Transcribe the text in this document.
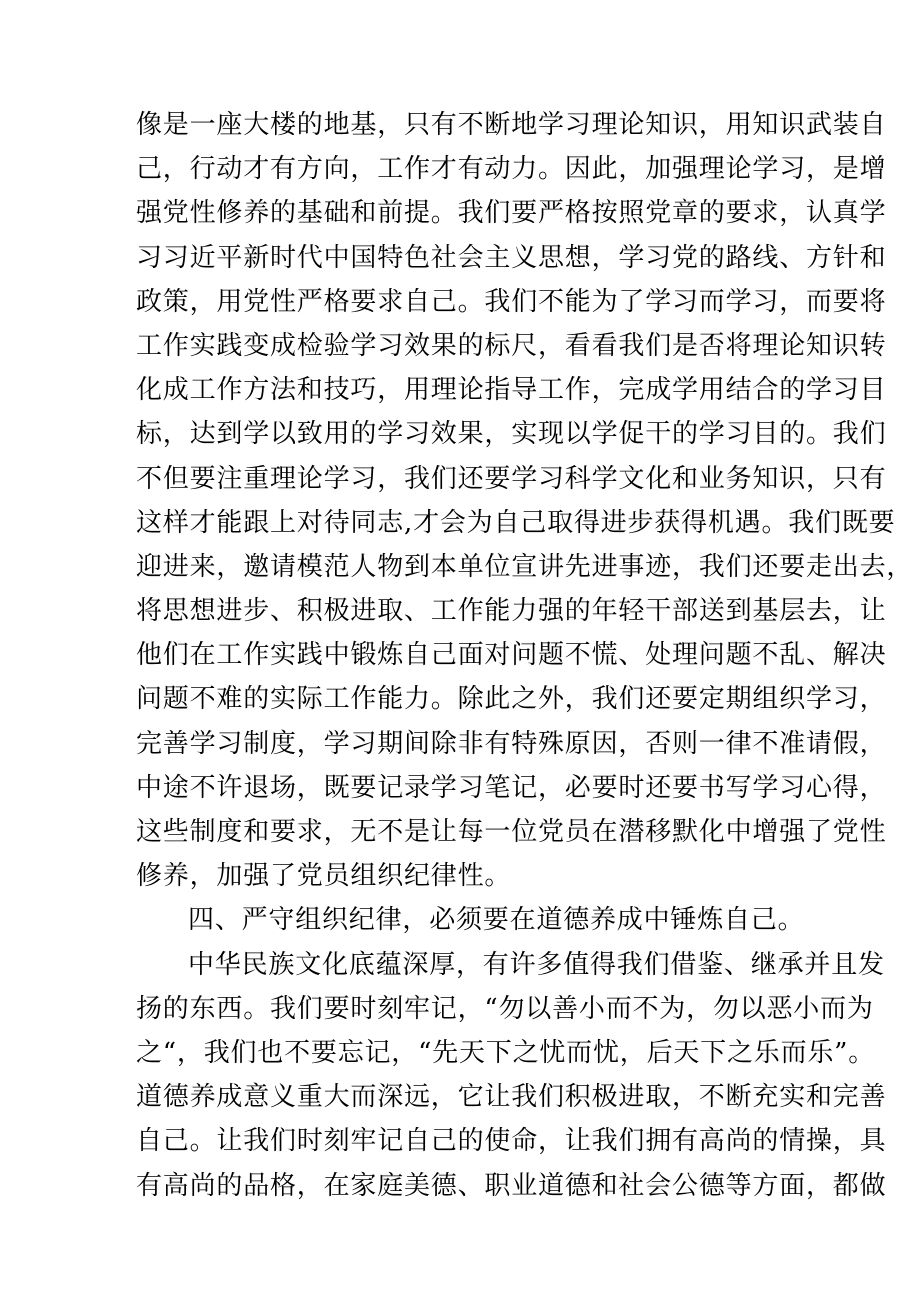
像是一座大楼的地基，只有不断地学习理论知识，用知识武装自
己，行动才有方向，工作才有动力。因此，加强理论学习，是增
强党性修养的基础和前提。我们要严格按照党章的要求，认真学
习习近平新时代中国特色社会主义思想，学习党的路线、方针和
政策，用党性严格要求自己。我们不能为了学习而学习，而要将
工作实践变成检验学习效果的标尺，看看我们是否将理论知识转
化成工作方法和技巧，用理论指导工作，完成学用结合的学习目
标，达到学以致用的学习效果，实现以学促干的学习目的。我们
不但要注重理论学习，我们还要学习科学文化和业务知识，只有
这样才能跟上对待同志,才会为自己取得进步获得机遇。我们既要
迎进来，邀请模范人物到本单位宣讲先进事迹，我们还要走出去，
将思想进步、积极进取、工作能力强的年轻干部送到基层去，让
他们在工作实践中锻炼自己面对问题不慌、处理问题不乱、解决
问题不难的实际工作能力。除此之外，我们还要定期组织学习，
完善学习制度，学习期间除非有特殊原因，否则一律不准请假，
中途不许退场，既要记录学习笔记，必要时还要书写学习心得，
这些制度和要求，无不是让每一位党员在潜移默化中增强了党性
修养，加强了党员组织纪律性。
四、严守组织纪律，必须要在道德养成中锤炼自己。
中华民族文化底蕴深厚，有许多值得我们借鉴、继承并且发
扬的东西。我们要时刻牢记，“勿以善小而不为，勿以恶小而为
之“，我们也不要忘记，“先天下之忧而忧，后天下之乐而乐”。
道德养成意义重大而深远，它让我们积极进取，不断充实和完善
自己。让我们时刻牢记自己的使命，让我们拥有高尚的情操，具
有高尚的品格，在家庭美德、职业道德和社会公德等方面，都做
